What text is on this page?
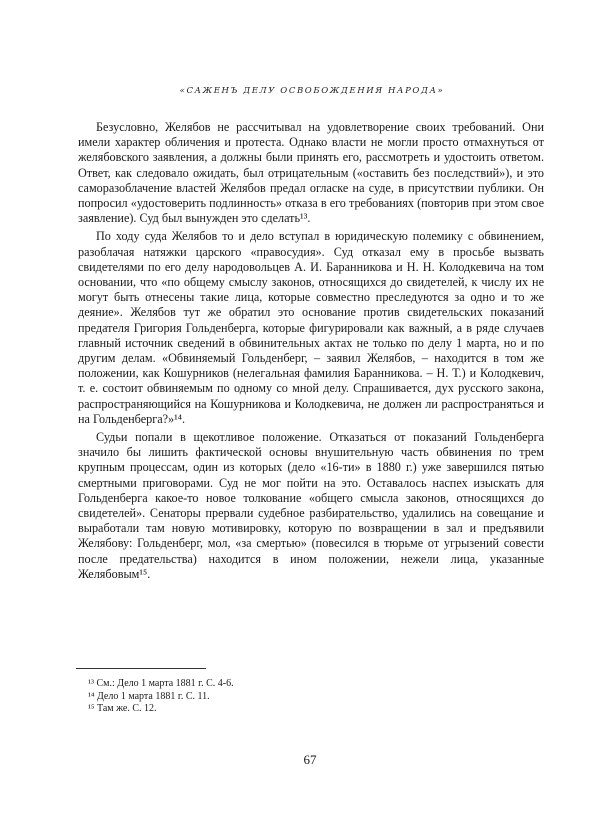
«САЖЕНЪ ДЕЛУ ОСВОБОЖДЕНИЯ НАРОДА»

Безусловно, Желябов не рассчитывал на удовлетворение своих требований. Они имели характер обличения и протеста. Однако власти не могли просто отмахнуться от желябовского заявления, а должны были принять его, рассмотреть и удостоить ответом. Ответ, как следовало ожидать, был отрицательным («оставить без последствий»), и это саморазоблачение властей Желябов предал огласке на суде, в присутствии публики. Он попросил «удостоверить подлинность» отказа в его требованиях (повторив при этом свое заявление). Суд был вынужден это сделать¹³.

По ходу суда Желябов то и дело вступал в юридическую полемику с обвинением, разоблачая натяжки царского «правосудия». Суд отказал ему в просьбе вызвать свидетелями по его делу народовольцев А. И. Баранникова и Н. Н. Колодкевича на том основании, что «по общему смыслу законов, относящихся до свидетелей, к числу их не могут быть отнесены такие лица, которые совместно преследуются за одно и то же деяние». Желябов тут же обратил это основание против свидетельских показаний предателя Григория Гольденберга, которые фигурировали как важный, а в ряде случаев главный источник сведений в обвинительных актах не только по делу 1 марта, но и по другим делам. «Обвиняемый Гольденберг, – заявил Желябов, – находится в том же положении, как Кошурников (нелегальная фамилия Баранникова. – Н. Т.) и Колодкевич, т. е. состоит обвиняемым по одному со мной делу. Спрашивается, дух русского закона, распространяющийся на Кошурникова и Колодкевича, не должен ли распространяться и на Гольденберга?»¹⁴.

Судьи попали в щекотливое положение. Отказаться от показаний Гольденберга значило бы лишить фактической основы внушительную часть обвинения по трем крупным процессам, один из которых (дело «16-ти» в 1880 г.) уже завершился пятью смертными приговорами. Суд не мог пойти на это. Оставалось наспех изыскать для Гольденберга какое-то новое толкование «общего смысла законов, относящихся до свидетелей». Сенаторы прервали судебное разбирательство, удалились на совещание и выработали там новую мотивировку, которую по возвращении в зал и предъявили Желябову: Гольденберг, мол, «за смертью» (повесился в тюрьме от угрызений совести после предательства) находится в ином положении, нежели лица, указанные Желябовым¹⁵.

¹³ См.: Дело 1 марта 1881 г. С. 4-6.

¹⁴ Дело 1 марта 1881 г. С. 11.

¹⁵ Там же. С. 12.

67
